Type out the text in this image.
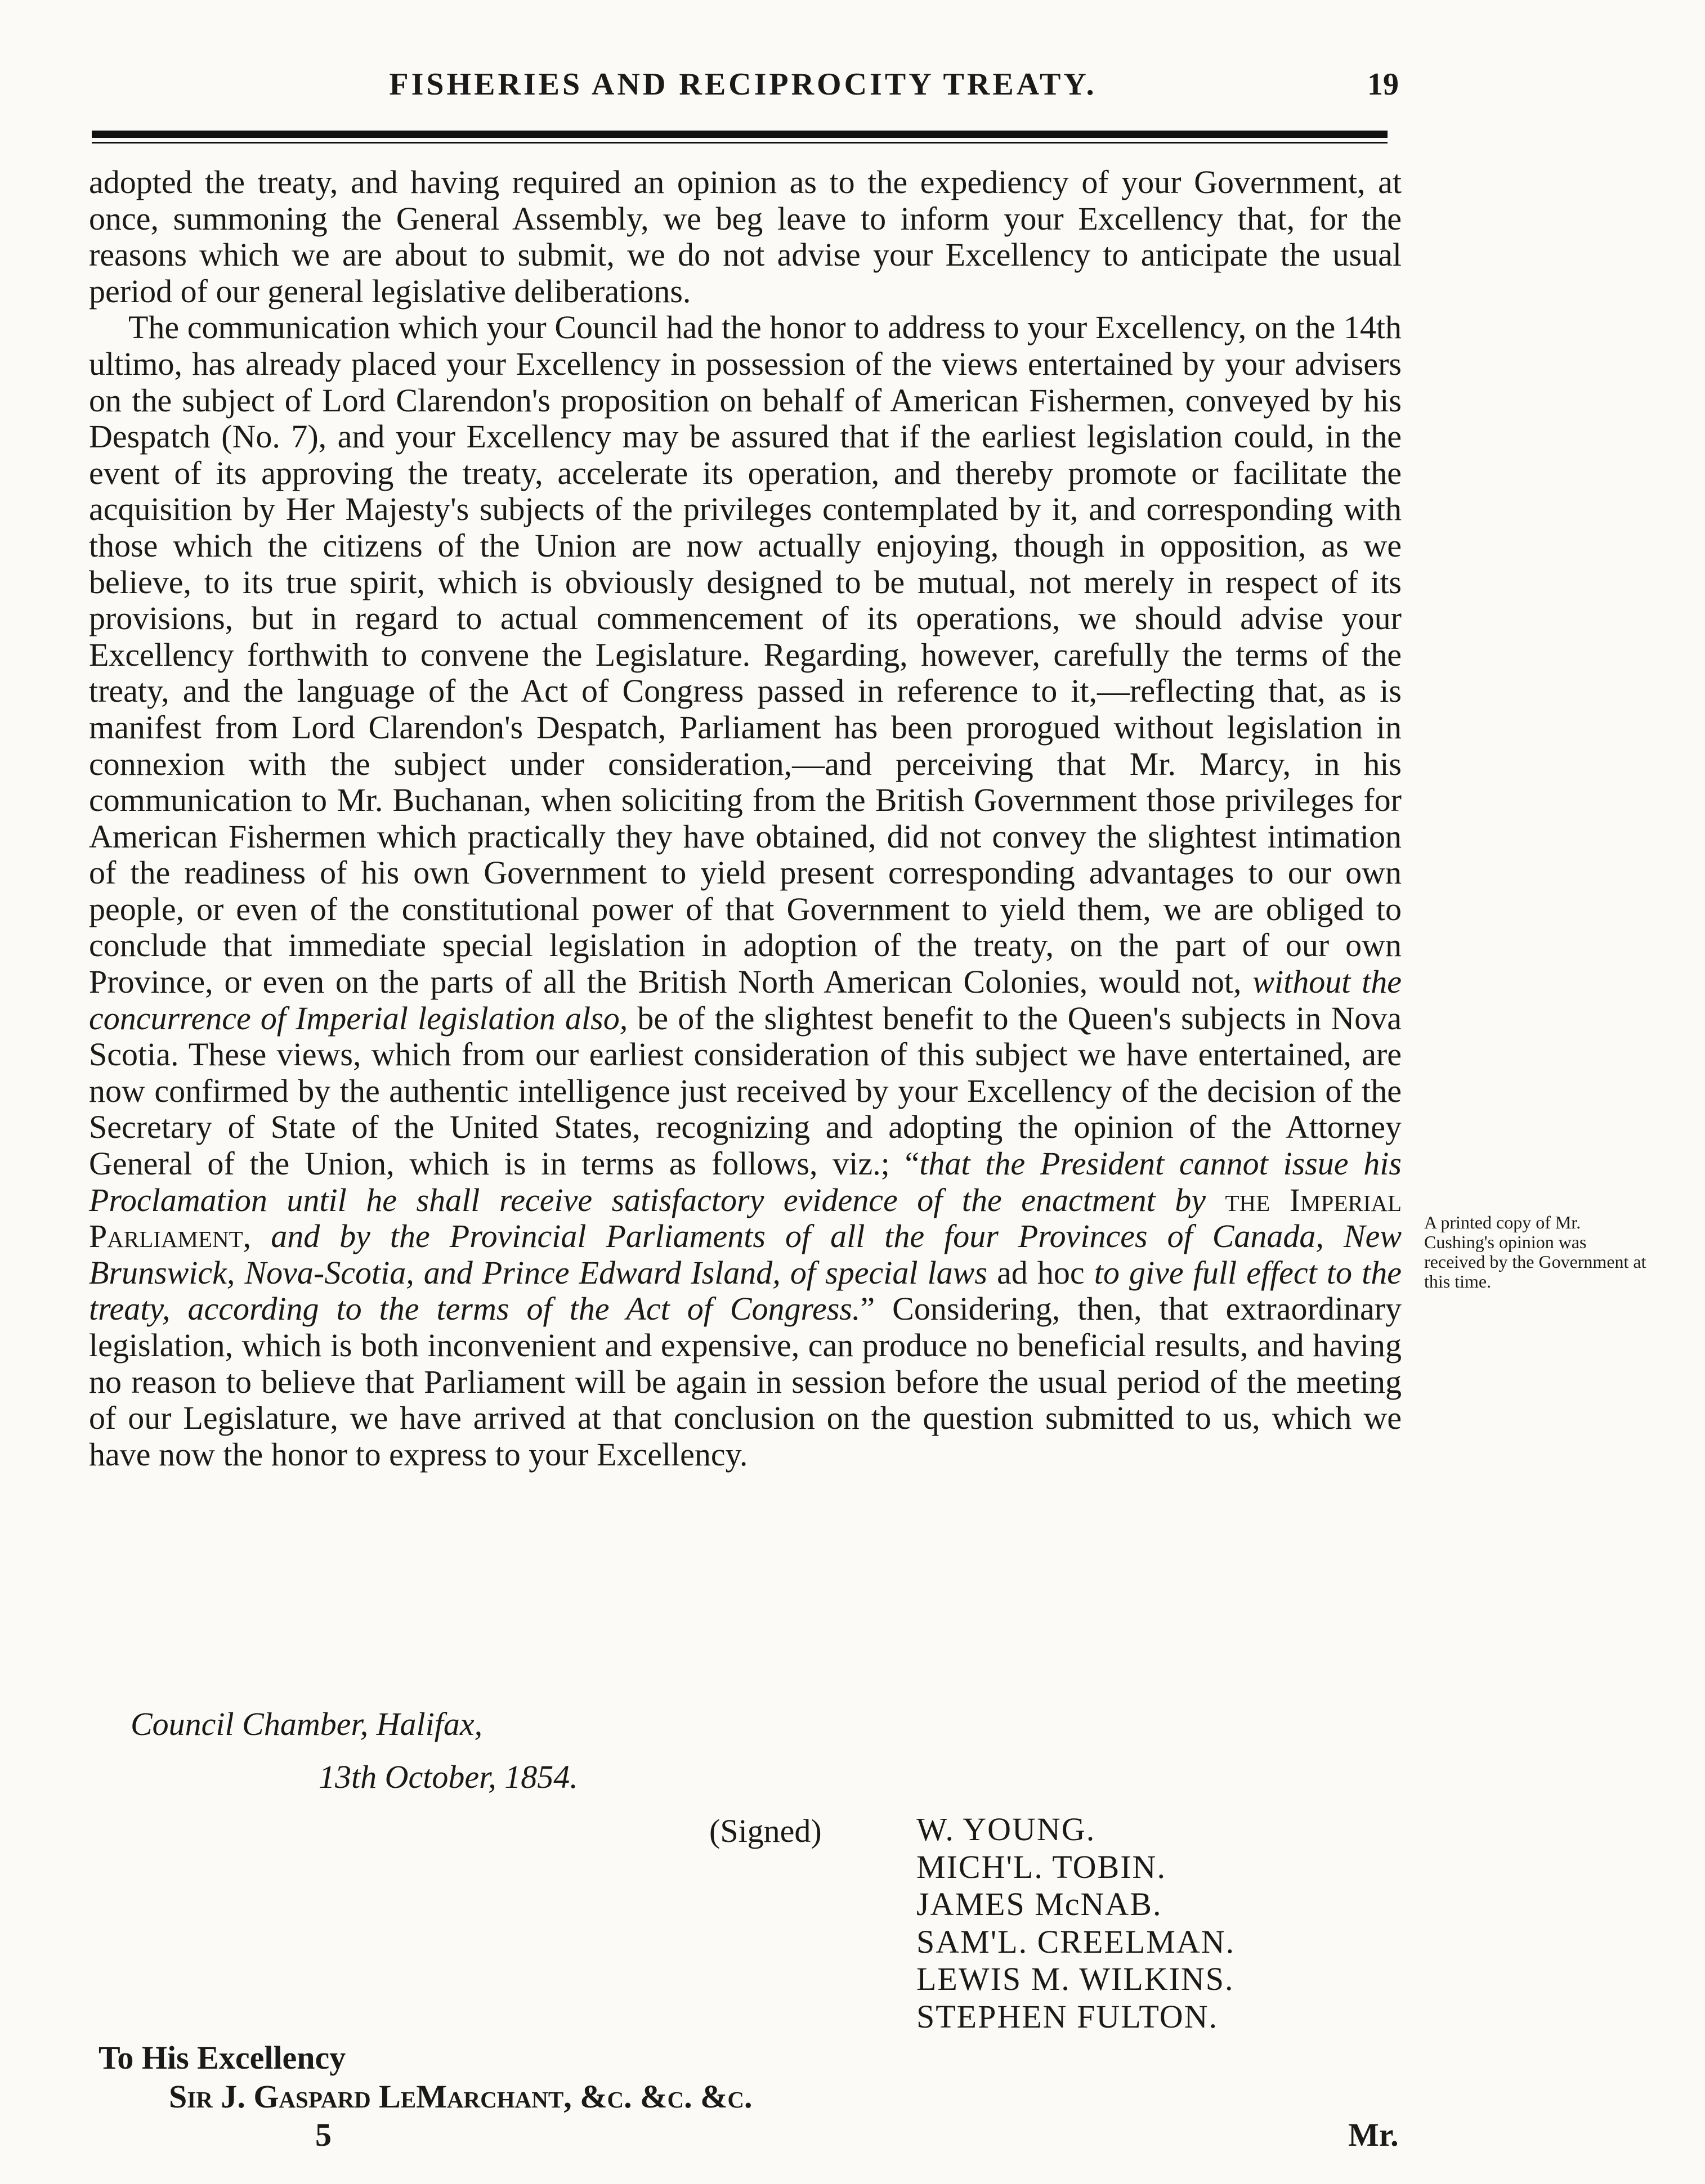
FISHERIES AND RECIPROCITY TREATY.	19

adopted the treaty, and having required an opinion as to the expediency of your Government, at once, summoning the General Assembly, we beg leave to inform your Excellency that, for the reasons which we are about to submit, we do not advise your Excellency to anticipate the usual period of our general legislative deliberations.

The communication which your Council had the honor to address to your Excellency, on the 14th ultimo, has already placed your Excellency in possession of the views entertained by your advisers on the subject of Lord Clarendon's proposition on behalf of American Fishermen, conveyed by his Despatch (No. 7), and your Excellency may be assured that if the earliest legislation could, in the event of its approving the treaty, accelerate its operation, and thereby promote or facilitate the acquisition by Her Majesty's subjects of the privileges contemplated by it, and corresponding with those which the citizens of the Union are now actually enjoying, though in opposition, as we believe, to its true spirit, which is obviously designed to be mutual, not merely in respect of its provisions, but in regard to actual commencement of its operations, we should advise your Excellency forthwith to convene the Legislature. Regarding, however, carefully the terms of the treaty, and the language of the Act of Congress passed in reference to it,—reflecting that, as is manifest from Lord Clarendon's Despatch, Parliament has been prorogued without legislation in connexion with the subject under consideration,—and perceiving that Mr. Marcy, in his communication to Mr. Buchanan, when soliciting from the British Government those privileges for American Fishermen which practically they have obtained, did not convey the slightest intimation of the readiness of his own Government to yield present corresponding advantages to our own people, or even of the constitutional power of that Government to yield them, we are obliged to conclude that immediate special legislation in adoption of the treaty, on the part of our own Province, or even on the parts of all the British North American Colonies, would not, without the concurrence of Imperial legislation also, be of the slightest benefit to the Queen's subjects in Nova Scotia. These views, which from our earliest consideration of this subject we have entertained, are now confirmed by the authentic intelligence just received by your Excellency of the decision of the Secretary of State of the United States, recognizing and adopting the opinion of the Attorney General of the Union, which is in terms as follows, viz.; “that the President cannot issue his Proclamation until he shall receive satisfactory evidence of the enactment by the Imperial Parliament, and by the Provincial Parliaments of all the four Provinces of Canada, New Brunswick, Nova-Scotia, and Prince Edward Island, of special laws ad hoc to give full effect to the treaty, according to the terms of the Act of Congress.” Considering, then, that extraordinary legislation, which is both inconvenient and expensive, can produce no beneficial results, and having no reason to believe that Parliament will be again in session before the usual period of the meeting of our Legislature, we have arrived at that conclusion on the question submitted to us, which we have now the honor to express to your Excellency.

A printed copy of Mr. Cushing's opinion was received by the Government at this time.
Council Chamber, Halifax,
13th October, 1854.
(Signed)	W. YOUNG.
MICH'L. TOBIN.
JAMES McNAB.
SAM'L. CREELMAN.
LEWIS M. WILKINS.
STEPHEN FULTON.
To His Excellency
Sir J. Gaspard LeMarchant, &c. &c. &c.
5	Mr.
